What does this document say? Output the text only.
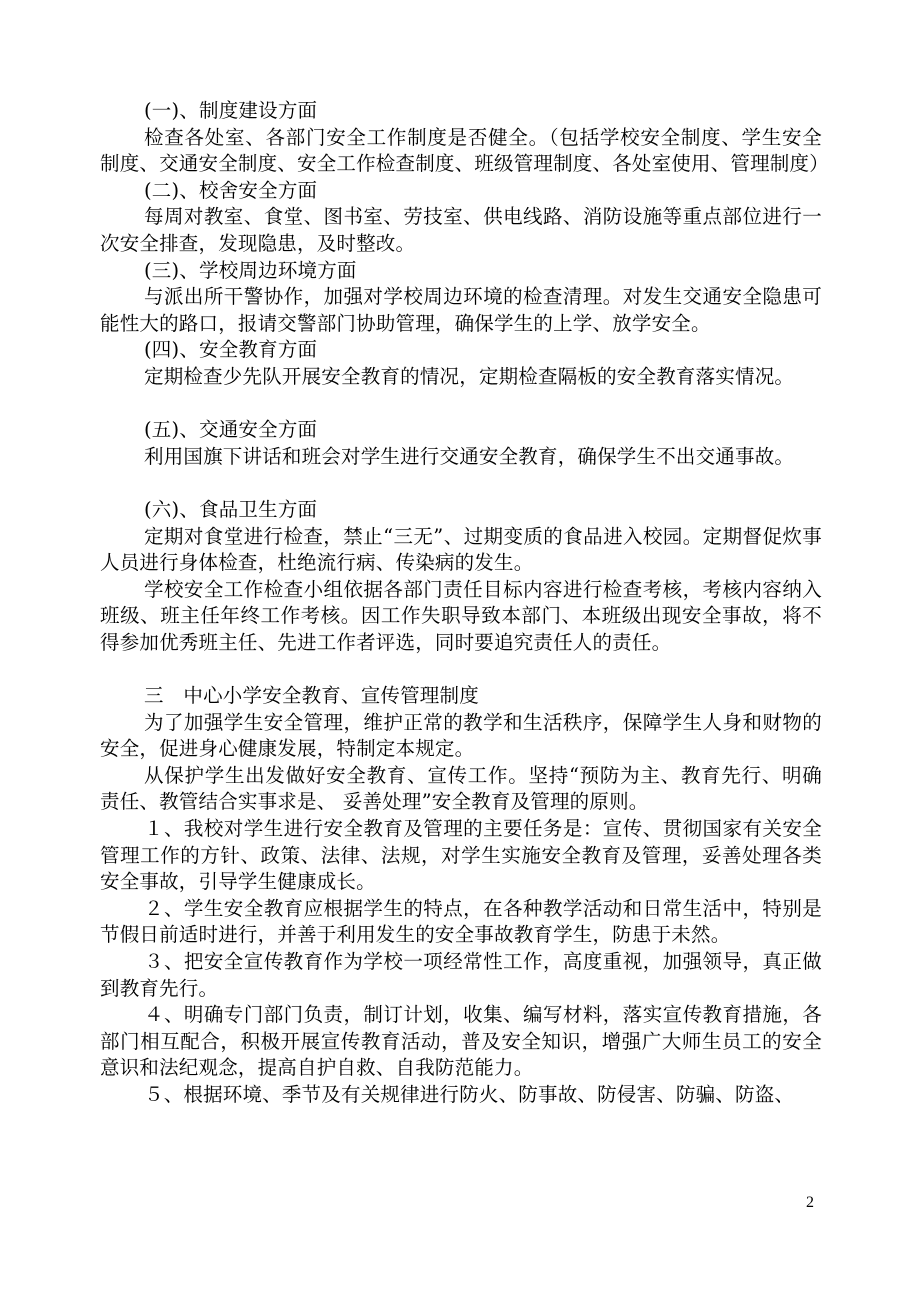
(一)、制度建设方面

检查各处室、各部门安全工作制度是否健全。（包括学校安全制度、学生安全制度、交通安全制度、安全工作检查制度、班级管理制度、各处室使用、管理制度）

(二)、校舍安全方面

每周对教室、食堂、图书室、劳技室、供电线路、消防设施等重点部位进行一次安全排查，发现隐患，及时整改。

(三)、学校周边环境方面

与派出所干警协作，加强对学校周边环境的检查清理。对发生交通安全隐患可能性大的路口，报请交警部门协助管理，确保学生的上学、放学安全。

(四)、安全教育方面

定期检查少先队开展安全教育的情况，定期检查隔板的安全教育落实情况。

(五)、交通安全方面

利用国旗下讲话和班会对学生进行交通安全教育，确保学生不出交通事故。

(六)、食品卫生方面

定期对食堂进行检查，禁止“三无”、过期变质的食品进入校园。定期督促炊事人员进行身体检查，杜绝流行病、传染病的发生。

学校安全工作检查小组依据各部门责任目标内容进行检查考核，考核内容纳入班级、班主任年终工作考核。因工作失职导致本部门、本班级出现安全事故，将不得参加优秀班主任、先进工作者评选，同时要追究责任人的责任。

三　中心小学安全教育、宣传管理制度

为了加强学生安全管理，维护正常的教学和生活秩序，保障学生人身和财物的安全，促进身心健康发展，特制定本规定。

从保护学生出发做好安全教育、宣传工作。坚持“预防为主、教育先行、明确责任、教管结合实事求是、 妥善处理”安全教育及管理的原则。

１、我校对学生进行安全教育及管理的主要任务是：宣传、贯彻国家有关安全管理工作的方针、政策、法律、法规，对学生实施安全教育及管理，妥善处理各类安全事故，引导学生健康成长。

２、学生安全教育应根据学生的特点，在各种教学活动和日常生活中，特别是节假日前适时进行，并善于利用发生的安全事故教育学生，防患于未然。

３、把安全宣传教育作为学校一项经常性工作，高度重视，加强领导，真正做到教育先行。

４、明确专门部门负责，制订计划，收集、编写材料，落实宣传教育措施，各部门相互配合，积极开展宣传教育活动，普及安全知识，增强广大师生员工的安全意识和法纪观念，提高自护自救、自我防范能力。

５、根据环境、季节及有关规律进行防火、防事故、防侵害、防骗、防盗、

2
